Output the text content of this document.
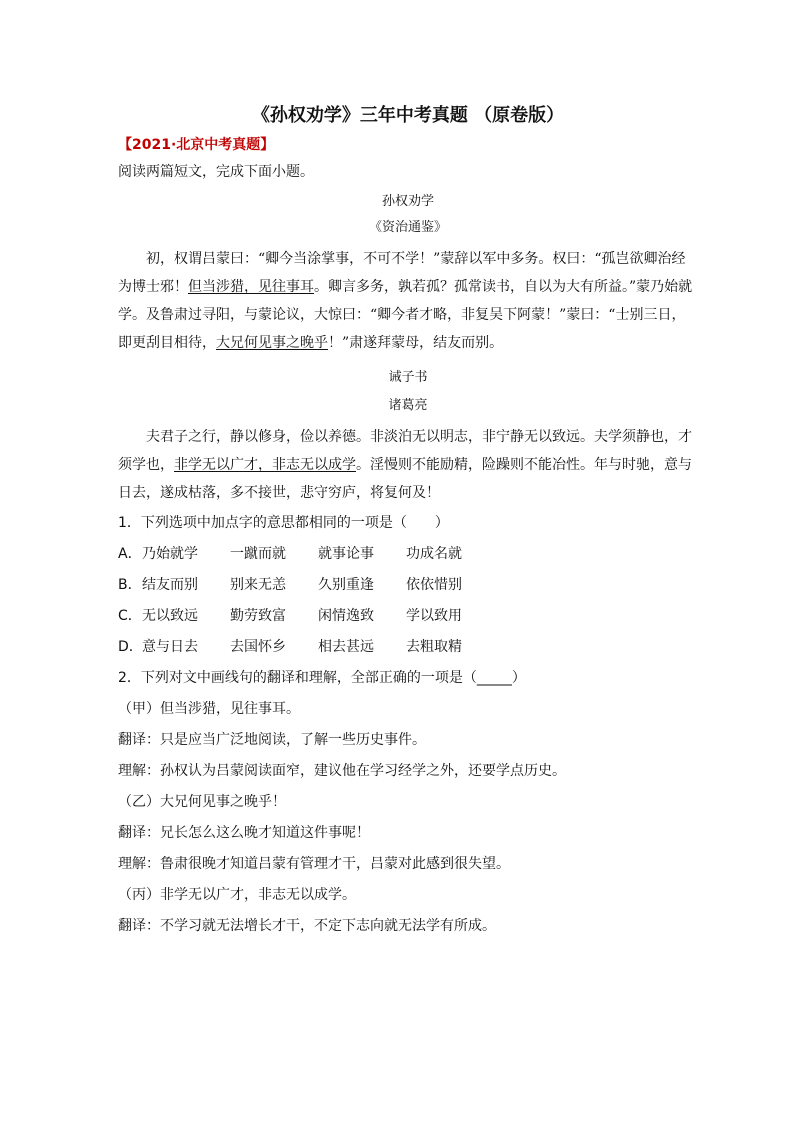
《孙权劝学》三年中考真题 （原卷版）
【2021·北京中考真题】
阅读两篇短文，完成下面小题。
孙权劝学
《资治通鉴》

初，权谓吕蒙曰：“卿今当涂掌事，不可不学！”蒙辞以军中多务。权曰：“孤岂欲卿治经为博士邪！但当涉猎，见往事耳。卿言多务，孰若孤？孤常读书，自以为大有所益。”蒙乃始就学。及鲁肃过寻阳，与蒙论议，大惊曰：“卿今者才略，非复吴下阿蒙！”蒙曰：“士别三日，即更刮目相待，大兄何见事之晚乎！”肃遂拜蒙母，结友而别。

诫子书
诸葛亮

夫君子之行，静以修身，俭以养德。非淡泊无以明志，非宁静无以致远。夫学须静也，才须学也，非学无以广才，非志无以成学。淫慢则不能励精，险躁则不能冶性。年与时驰，意与日去，遂成枯落，多不接世，悲守穷庐，将复何及！

1．下列选项中加点字的意思都相同的一项是（　　）
A． 乃始就学	一蹴而就	就事论事	功成名就
B． 结友而别	别来无恙	久别重逢	依依惜别
C． 无以致远	勤劳致富	闲情逸致	学以致用
D． 意与日去	去国怀乡	相去甚远	去粗取精
2．下列对文中画线句的翻译和理解，全部正确的一项是（_____）
（甲）但当涉猎，见往事耳。
翻译：只是应当广泛地阅读，了解一些历史事件。
理解：孙权认为吕蒙阅读面窄，建议他在学习经学之外，还要学点历史。
（乙）大兄何见事之晚乎！
翻译：兄长怎么这么晚才知道这件事呢！
理解：鲁肃很晚才知道吕蒙有管理才干，吕蒙对此感到很失望。
（丙）非学无以广才，非志无以成学。
翻译：不学习就无法增长才干，不定下志向就无法学有所成。
